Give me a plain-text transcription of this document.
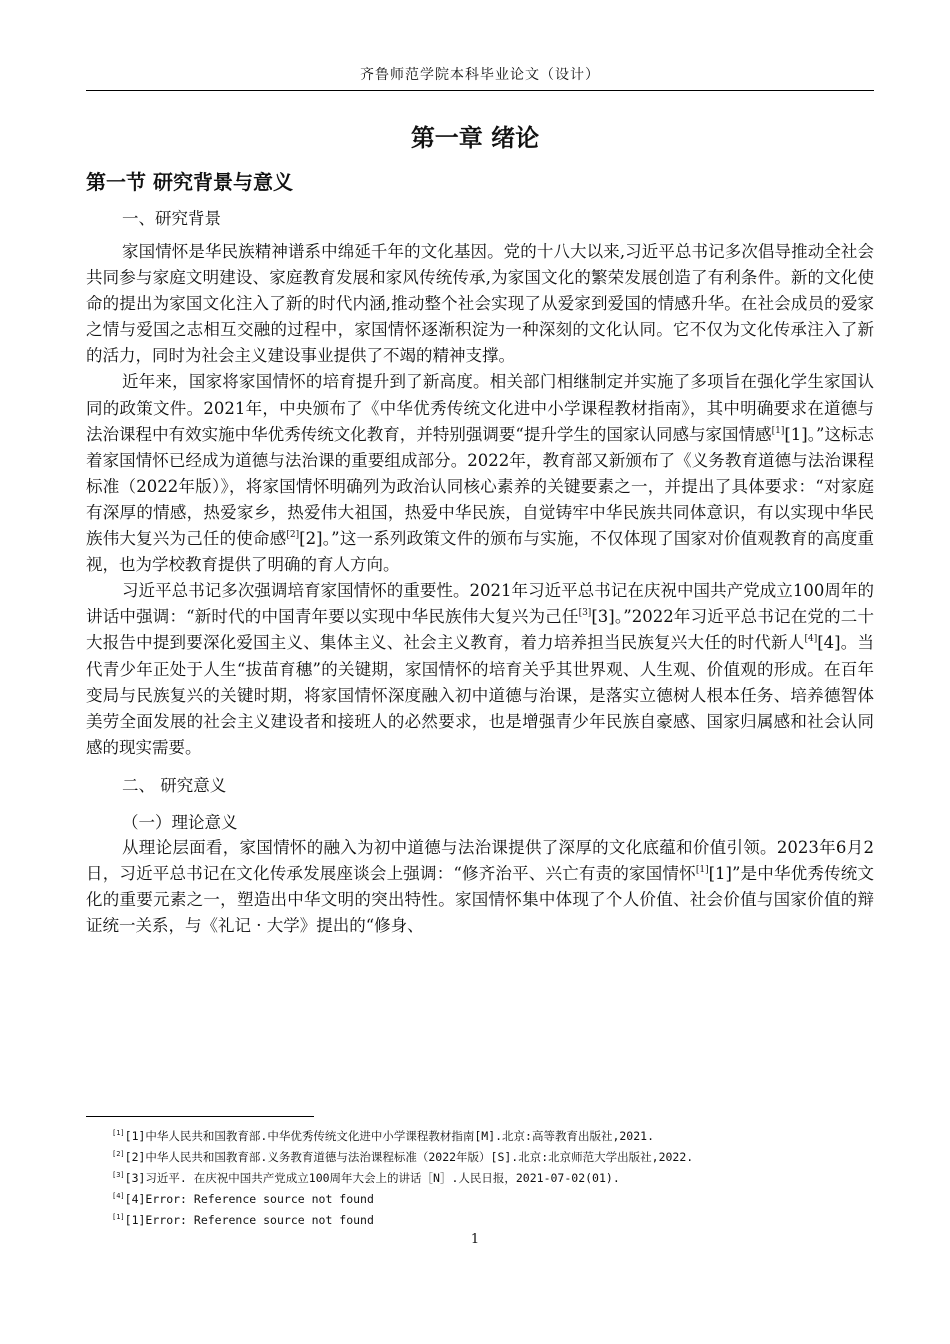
齐鲁师范学院本科毕业论文（设计）
第一章 绪论
第一节 研究背景与意义

一、研究背景

家国情怀是华民族精神谱系中绵延千年的文化基因。党的十八大以来,习近平总书记多次倡导推动全社会共同参与家庭文明建设、家庭教育发展和家风传统传承,为家国文化的繁荣发展创造了有利条件。新的文化使命的提出为家国文化注入了新的时代内涵,推动整个社会实现了从爱家到爱国的情感升华。在社会成员的爱家之情与爱国之志相互交融的过程中，家国情怀逐渐积淀为一种深刻的文化认同。它不仅为文化传承注入了新的活力，同时为社会主义建设事业提供了不竭的精神支撑。

近年来，国家将家国情怀的培育提升到了新高度。相关部门相继制定并实施了多项旨在强化学生家国认同的政策文件。2021年，中央颁布了《中华优秀传统文化进中小学课程教材指南》，其中明确要求在道德与法治课程中有效实施中华优秀传统文化教育，并特别强调要“提升学生的国家认同感与家国情感[1][1]。”这标志着家国情怀已经成为道德与法治课的重要组成部分。2022年，教育部又新颁布了《义务教育道德与法治课程标准（2022年版）》，将家国情怀明确列为政治认同核心素养的关键要素之一，并提出了具体要求：“对家庭有深厚的情感，热爱家乡，热爱伟大祖国，热爱中华民族，自觉铸牢中华民族共同体意识，有以实现中华民族伟大复兴为己任的使命感[2][2]。”这一系列政策文件的颁布与实施，不仅体现了国家对价值观教育的高度重视，也为学校教育提供了明确的育人方向。

习近平总书记多次强调培育家国情怀的重要性。2021年习近平总书记在庆祝中国共产党成立100周年的讲话中强调：“新时代的中国青年要以实现中华民族伟大复兴为己任[3][3]。”2022年习近平总书记在党的二十大报告中提到要深化爱国主义、集体主义、社会主义教育，着力培养担当民族复兴大任的时代新人[4][4]。当代青少年正处于人生“拔苗育穗”的关键期，家国情怀的培育关乎其世界观、人生观、价值观的形成。在百年变局与民族复兴的关键时期，将家国情怀深度融入初中道德与治课，是落实立德树人根本任务、培养德智体美劳全面发展的社会主义建设者和接班人的必然要求，也是增强青少年民族自豪感、国家归属感和社会认同感的现实需要。

二、 研究意义

（一）理论意义

从理论层面看，家国情怀的融入为初中道德与法治课提供了深厚的文化底蕴和价值引领。2023年6月2日，习近平总书记在文化传承发展座谈会上强调：“修齐治平、兴亡有责的家国情怀[1][1]”是中华优秀传统文化的重要元素之一，塑造出中华文明的突出特性。家国情怀集中体现了个人价值、社会价值与国家价值的辩证统一关系，与《礼记 · 大学》提出的“修身、

[1][1]中华人民共和国教育部.中华优秀传统文化进中小学课程教材指南[M].北京:高等教育出版社,2021.
[2][2]中华人民共和国教育部.义务教育道德与法治课程标准（2022年版）[S].北京:北京师范大学出版社,2022.
[3][3]习近平. 在庆祝中国共产党成立100周年大会上的讲话［N］.人民日报，2021-07-02(01).
[4][4]Error: Reference source not found
[1][1]Error: Reference source not found
1
